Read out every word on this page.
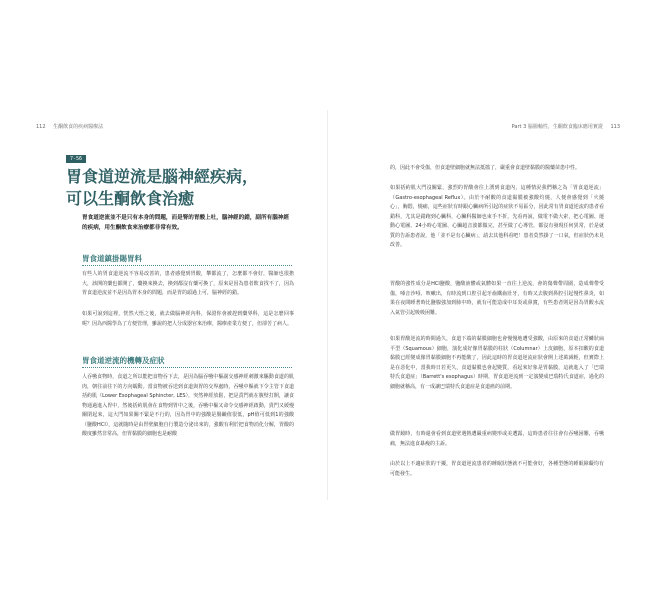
112 生酮飲食的疾病醫療法
7-56
胃食道逆流是腦神經疾病，
可以生酮飲食治癒
胃食道逆流並不是只有本身的問題，而是腎的胃酸上吐，腦神經的錯，副所有腦神經的疾病，用生酮飲食來治療都非常有效。
胃食道鎮掛賜胃料
有些人的胃食道逆流不容易改善的，患者感覺到胃酸，攀都流了，怎麼都不會好，醫師也很擔大，該開的藥也都開了，藥換來換去，換到都沒有藥可換了，原來是因為患者飲食找不了，因為胃食道逆流並不是因為胃本身的問題，而是胃的頭過上可，腦神經的錯。
如果可說到這裡，恍然大悟之後，就去做腦神經內科，保證你會被趕到藥界科，這是怎麼回事呢？因為西醫學為了方便管理，雖說的把人分成器官來治療，醫療產業方便了，但卻苦了病人。
胃食道逆流的機轉及症狀
人吞嚥食物時，食道之所以能把食物吞下去，是因為腦吞嚥中樞副交感神經刺激來驅動食道的肌肉，朝往前往下的方向蠕動。當食物被吞送到食道與胃的交界處時，吞嚥中樞就下令主管下食道括約肌（Lower Esophageal Sphincter, LES），突然神經放鬆，把是賁門就在腹壁打開，讓食物通過進入胃中，然後括約肌會在食物到胃中之後，吞嚥中樞又命令交感神經啟動，貴門又緩慢關閉起來，這大門如果關不緊是不行的，因為胃中的強酸是腸鹼值很低，pH值可低到1的強酸（鹽酸HCl），這就隨時是由胃壁細胞自行製造分泌出來的，強酸有利於把食物消化分解，胃酸的酸度雖然非常高，但胃黏膜的細胞也是耐酸
Part 3 腦腸軸性，生酮飲食臨床應用實證 113
的，因此不會受傷，但食道壁細胞就無法抵擋了，嚴重會食道壁黏膜的醫藥苗患中性。
如果括約肌大門沒關緊，強烈的胃酸會往上湧到食道內，這種情況我們稱之為「胃食道逆流」（Gastro-esophageal Reflux）。由於不耐酸的食道黏膜被強酸灼燒，人便會感覺到「火燒心」，胸悶，燒痛，這些症狀有時跟心臟病所引起的症狀不易區分，因此常有胃食道逆流的患者看錯科，尤其是錯跑到心臟科，心臟科醫師也束手不折，先看再說，做電不做大索，把心電圖、運動心電圖、24小時心電圖、心臟超音波都做完，甚至做了心導管，都沒有發現任何異常，於是就質的告訴患者說，他「並不是有心臟病」，請去其他科看吧！患者莫然掛了一口氣，但症狀仍未見改善。
胃酸的強性成分是HCl鹽酸，鹽酸液體或氣體如果一直往上逆流，會的傷聲帶周圍，造成聲帶受傷，嗓音沙啞、咳嗽出，有時流到口腔引起牙齒鐵齒壯牙，有時又去腹到鼻腔引起慢性鼻炎，如果在夜間睡著時比鹽腺強加到肺中時，就有可能造成中耳炎或鼻竇，有些患者則是因為胃酸水流入氣管引起吸吸困難。
如果胃酸逆流的時間過久，食道下端的黏膜細胞也會慢慢地遭受強酸，由原來的食道正常鱗狀扁平型（Squamous）細胞，演化成好像胃黏膜的柱狀（Columnar）上皮細胞，原本扣酸的食道黏膜已經變成像胃黏膜細胞不再能酸了，因此這時的胃食道逆流症狀會開上述萬減輕，但實際上是在惡化中，當我時日若更久，食道黏膜也會起變質，看起來好象是胃黏膜，這就進入了「巴瑞特氏食道症」（Barrett's esophagus）時期，胃食道逆流到一定演變成巴瑞特氏食道症，過化的細胞就稱高，有一成讓巴瑞特氏食道症是食道癌的前期。
做胃鏡時，有時還會看到食道壁遇熱遭嚴重病變形或美遭露，這時患者往往會有吞嚥困難，吞嚥痛，無法進食暴瘦的主訴。
由於以上不適症狀的干擾，胃食道逆流患者的睡眠狀態就不可能會好，各種型態的睡眠障礙均有可能發生。
